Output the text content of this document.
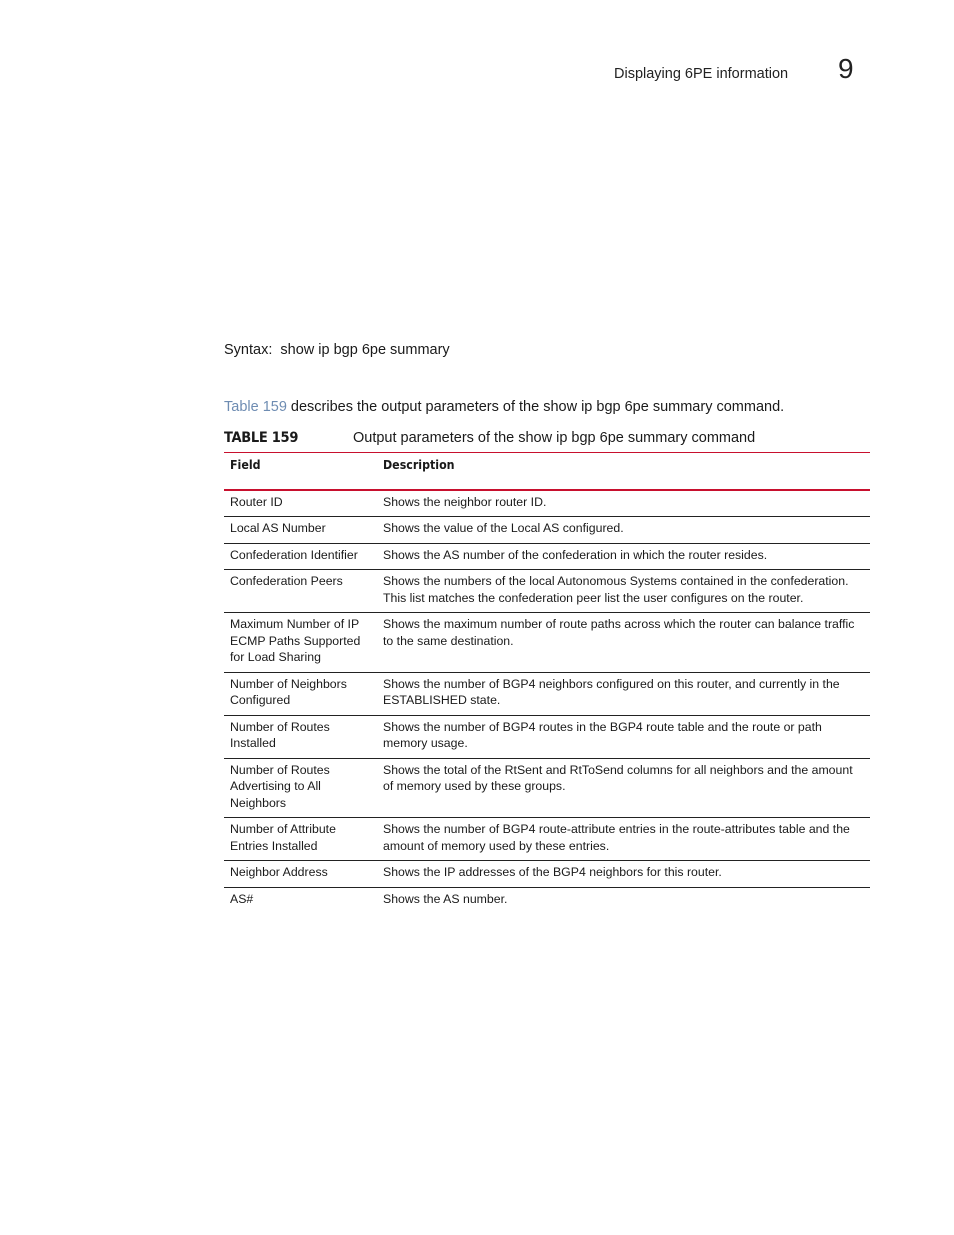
Displaying 6PE information 9
Syntax:  show ip bgp 6pe summary
Table 159 describes the output parameters of the show ip bgp 6pe summary command.
TABLE 159	Output parameters of the show ip bgp 6pe summary command
Field	Description
Router ID	Shows the neighbor router ID.
Local AS Number	Shows the value of the Local AS configured.
Confederation Identifier	Shows the AS number of the confederation in which the router resides.
Confederation Peers	Shows the numbers of the local Autonomous Systems contained in the confederation. This list matches the confederation peer list the user configures on the router.
Maximum Number of IP ECMP Paths Supported for Load Sharing	Shows the maximum number of route paths across which the router can balance traffic to the same destination.
Number of Neighbors Configured	Shows the number of BGP4 neighbors configured on this router, and currently in the ESTABLISHED state.
Number of Routes Installed	Shows the number of BGP4 routes in the BGP4 route table and the route or path memory usage.
Number of Routes Advertising to All Neighbors	Shows the total of the RtSent and RtToSend columns for all neighbors and the amount of memory used by these groups.
Number of Attribute Entries Installed	Shows the number of BGP4 route-attribute entries in the route-attributes table and the amount of memory used by these entries.
Neighbor Address	Shows the IP addresses of the BGP4 neighbors for this router.
AS#	Shows the AS number.
